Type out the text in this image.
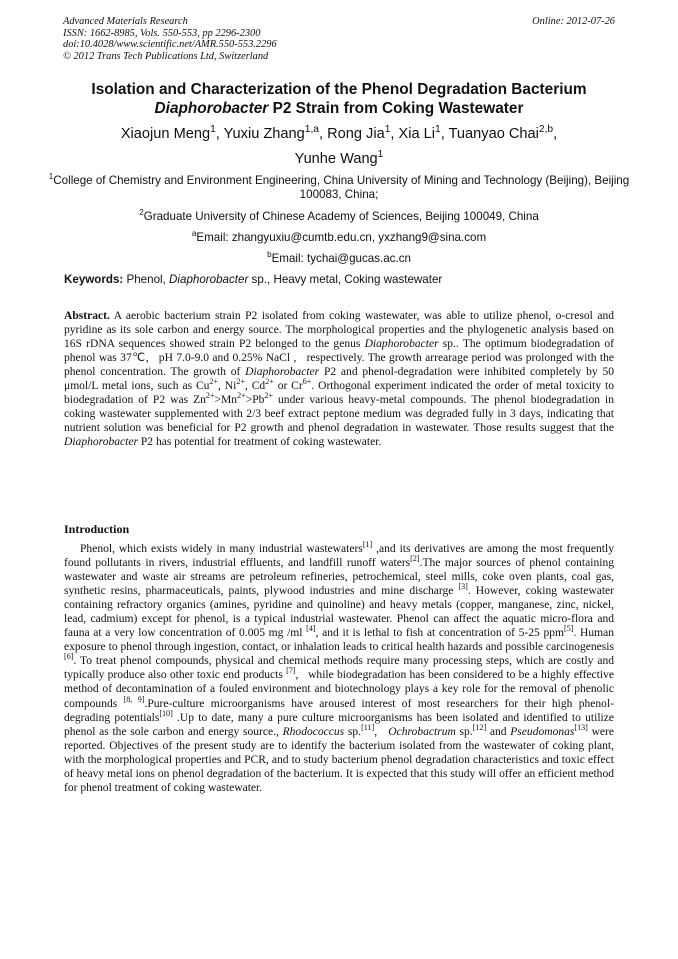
Advanced Materials Research
ISSN: 1662-8985, Vols. 550-553, pp 2296-2300
doi:10.4028/www.scientific.net/AMR.550-553.2296
© 2012 Trans Tech Publications Ltd, Switzerland
Online: 2012-07-26
Isolation and Characterization of the Phenol Degradation Bacterium
Diaphorobacter P2 Strain from Coking Wastewater
Xiaojun Meng$^1$, Yuxiu Zhang$^{1,a}$, Rong Jia$^1$, Xia Li$^1$, Tuanyao Chai$^{2,b}$,
Yunhe Wang$^1$

$^1$College of Chemistry and Environment Engineering, China University of Mining and Technology (Beijing), Beijing 100083, China;

$^2$Graduate University of Chinese Academy of Sciences, Beijing 100049, China

$^a$Email: zhangyuxiu@cumtb.edu.cn, yxzhang9@sina.com

$^b$Email: tychai@gucas.ac.cn

Keywords: Phenol, Diaphorobacter sp., Heavy metal, Coking wastewater
Abstract. A aerobic bacterium strain P2 isolated from coking wastewater, was able to utilize phenol, o-cresol and pyridine as its sole carbon and energy source. The morphological properties and the phylogenetic analysis based on 16S rDNA sequences showed strain P2 belonged to the genus Diaphorobacter sp.. The optimum biodegradation of phenol was 37℃,   pH 7.0-9.0 and 0.25% NaCl ,   respectively. The growth arrearage period was prolonged with the phenol concentration. The growth of Diaphorobacter P2 and phenol-degradation were inhibited completely by 50 μmol/L metal ions, such as $Cu^{2+}$, $Ni^{2+}$, $Cd^{2+}$ or $Cr^{6+}$. Orthogonal experiment indicated the order of metal toxicity to biodegradation of P2 was $Zn^{2+}>Mn^{2+}>Pb^{2+}$ under various heavy-metal compounds. The phenol biodegradation in coking wastewater supplemented with 2/3 beef extract peptone medium was degraded fully in 3 days, indicating that nutrient solution was beneficial for P2 growth and phenol degradation in wastewater. Those results suggest that the Diaphorobacter P2 has potential for treatment of coking wastewater.
Introduction
Phenol, which exists widely in many industrial wastewaters[1] ,and its derivatives are among the most frequently found pollutants in rivers, industrial effluents, and landfill runoff waters[2].The major sources of phenol containing wastewater and waste air streams are petroleum refineries, petrochemical, steel mills, coke oven plants, coal gas, synthetic resins, pharmaceuticals, paints, plywood industries and mine discharge [3]. However, coking wastewater containing refractory organics (amines, pyridine and quinoline) and heavy metals (copper, manganese, zinc, nickel, lead, cadmium) except for phenol, is a typical industrial wastewater. Phenol can affect the aquatic micro-flora and fauna at a very low concentration of 0.005 mg /ml [4], and it is lethal to fish at concentration of 5-25 ppm[5]. Human exposure to phenol through ingestion, contact, or inhalation leads to critical health hazards and possible carcinogenesis [6]. To treat phenol compounds, physical and chemical methods require many processing steps, which are costly and typically produce also other toxic end products [7],   while biodegradation has been considered to be a highly effective method of decontamination of a fouled environment and biotechnology plays a key role for the removal of phenolic compounds [8, 9].Pure-culture microorganisms have aroused interest of most researchers for their high phenol-degrading potentials[10] .Up to date, many a pure culture microorganisms has been isolated and identified to utilize phenol as the sole carbon and energy source., Rhodococcus sp.[11],   Ochrobactrum sp.[12] and Pseudomonas[13] were reported. Objectives of the present study are to identify the bacterium isolated from the wastewater of coking plant, with the morphological properties and PCR, and to study bacterium phenol degradation characteristics and toxic effect of heavy metal ions on phenol degradation of the bacterium. It is expected that this study will offer an efficient method for phenol treatment of coking wastewater.
